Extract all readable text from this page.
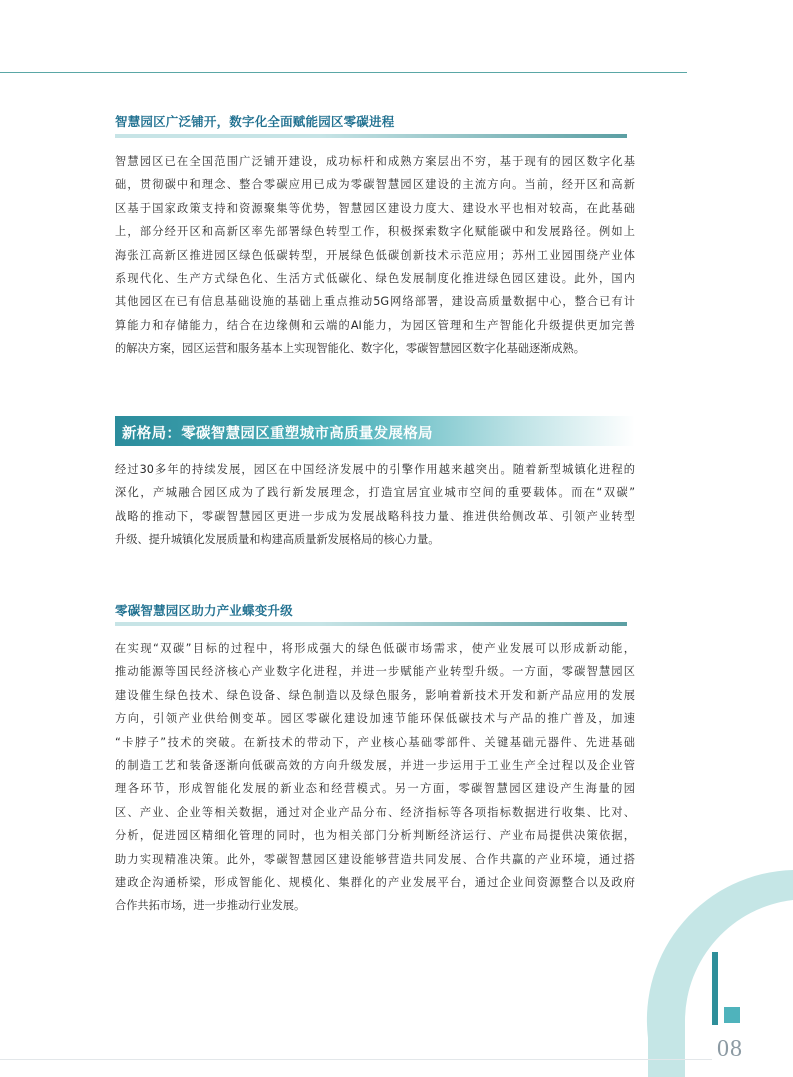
智慧园区广泛铺开，数字化全面赋能园区零碳进程
智慧园区已在全国范围广泛铺开建设，成功标杆和成熟方案层出不穷，基于现有的园区数字化基
础，贯彻碳中和理念、整合零碳应用已成为零碳智慧园区建设的主流方向。当前，经开区和高新
区基于国家政策支持和资源聚集等优势，智慧园区建设力度大、建设水平也相对较高，在此基础
上，部分经开区和高新区率先部署绿色转型工作，积极探索数字化赋能碳中和发展路径。例如上
海张江高新区推进园区绿色低碳转型，开展绿色低碳创新技术示范应用；苏州工业园围绕产业体
系现代化、生产方式绿色化、生活方式低碳化、绿色发展制度化推进绿色园区建设。此外，国内
其他园区在已有信息基础设施的基础上重点推动5G网络部署，建设高质量数据中心，整合已有计
算能力和存储能力，结合在边缘侧和云端的AI能力，为园区管理和生产智能化升级提供更加完善
的解决方案，园区运营和服务基本上实现智能化、数字化，零碳智慧园区数字化基础逐渐成熟。
新格局：零碳智慧园区重塑城市高质量发展格局
经过30多年的持续发展，园区在中国经济发展中的引擎作用越来越突出。随着新型城镇化进程的
深化，产城融合园区成为了践行新发展理念，打造宜居宜业城市空间的重要载体。而在“双碳”
战略的推动下，零碳智慧园区更进一步成为发展战略科技力量、推进供给侧改革、引领产业转型
升级、提升城镇化发展质量和构建高质量新发展格局的核心力量。
零碳智慧园区助力产业蝶变升级
在实现“双碳”目标的过程中，将形成强大的绿色低碳市场需求，使产业发展可以形成新动能，
推动能源等国民经济核心产业数字化进程，并进一步赋能产业转型升级。一方面，零碳智慧园区
建设催生绿色技术、绿色设备、绿色制造以及绿色服务，影响着新技术开发和新产品应用的发展
方向，引领产业供给侧变革。园区零碳化建设加速节能环保低碳技术与产品的推广普及，加速
“卡脖子”技术的突破。在新技术的带动下，产业核心基础零部件、关键基础元器件、先进基础
的制造工艺和装备逐渐向低碳高效的方向升级发展，并进一步运用于工业生产全过程以及企业管
理各环节，形成智能化发展的新业态和经营模式。另一方面，零碳智慧园区建设产生海量的园
区、产业、企业等相关数据，通过对企业产品分布、经济指标等各项指标数据进行收集、比对、
分析，促进园区精细化管理的同时，也为相关部门分析判断经济运行、产业布局提供决策依据，
助力实现精准决策。此外，零碳智慧园区建设能够营造共同发展、合作共赢的产业环境，通过搭
建政企沟通桥梁，形成智能化、规模化、集群化的产业发展平台，通过企业间资源整合以及政府
合作共拓市场，进一步推动行业发展。
08
